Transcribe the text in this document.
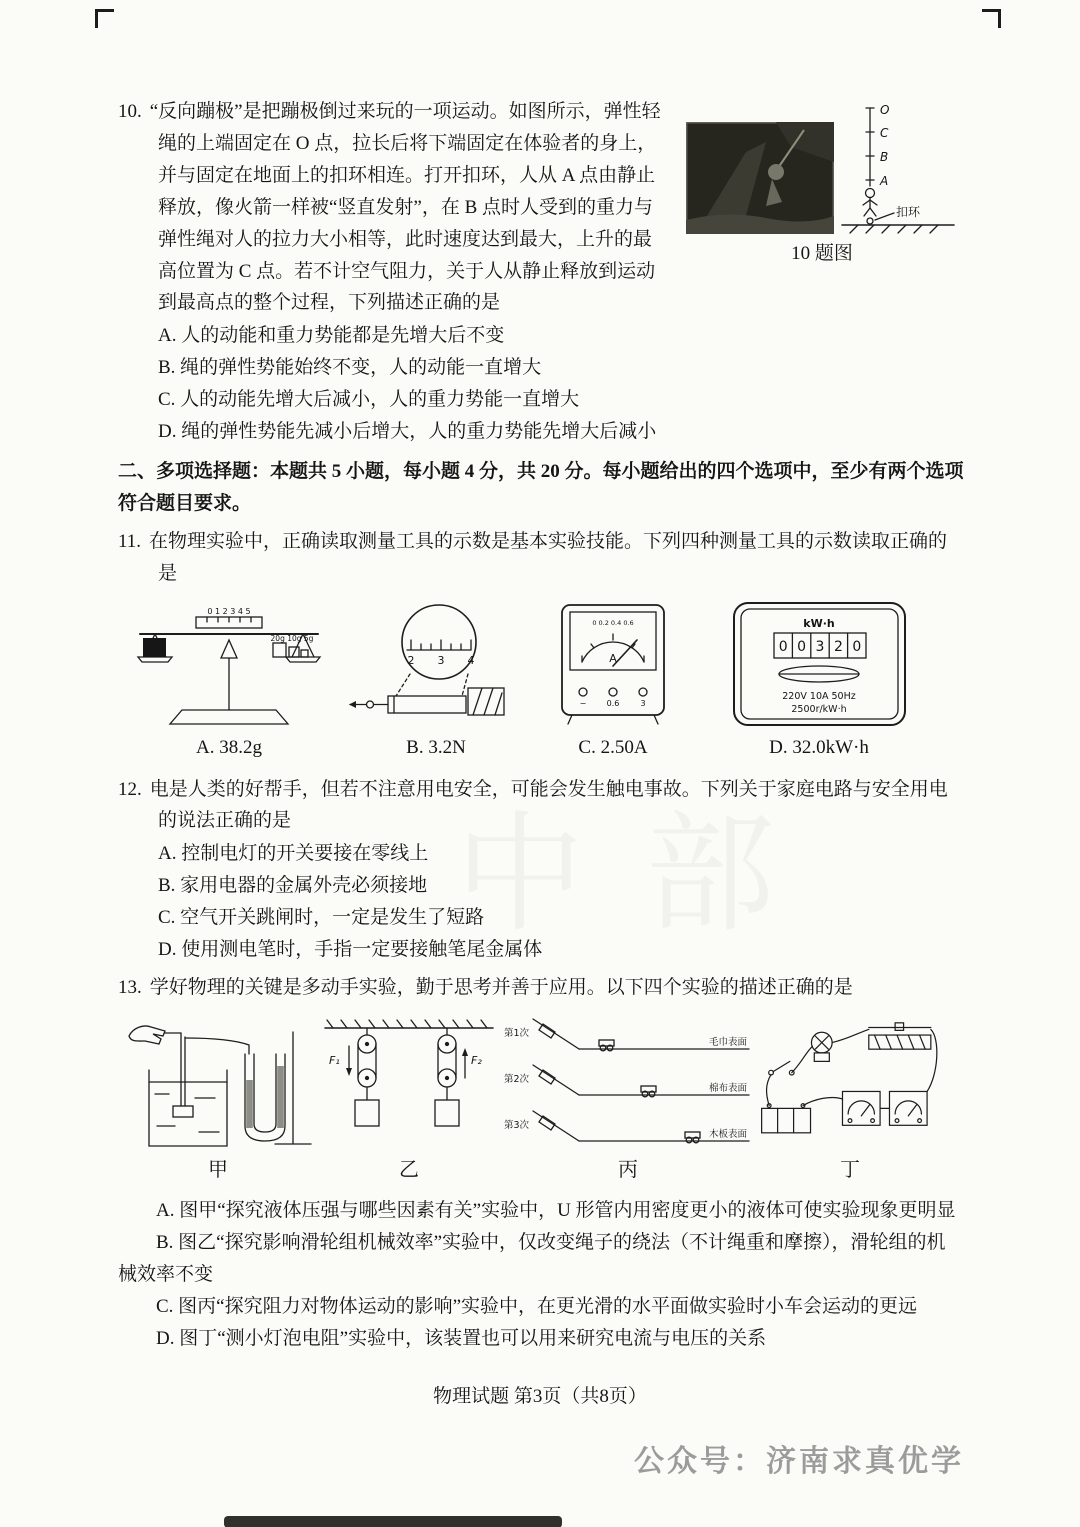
中部
O
C
B
A
扣环
10 题图

10. “反向蹦极”是把蹦极倒过来玩的一项运动。如图所示，弹性轻绳的上端固定在 O 点，拉长后将下端固定在体验者的身上，并与固定在地面上的扣环相连。打开扣环，人从 A 点由静止释放，像火箭一样被“竖直发射”，在 B 点时人受到的重力与弹性绳对人的拉力大小相等，此时速度达到最大，上升的最高位置为 C 点。若不计空气阻力，关于人从静止释放到运动到最高点的整个过程，下列描述正确的是

A. 人的动能和重力势能都是先增大后不变

B. 绳的弹性势能始终不变，人的动能一直增大

C. 人的动能先增大后减小，人的重力势能一直增大

D. 绳的弹性势能先减小后增大，人的重力势能先增大后减小

二、多项选择题：本题共 5 小题，每小题 4 分，共 20 分。每小题给出的四个选项中，至少有两个选项符合题目要求。

11. 在物理实验中，正确读取测量工具的示数是基本实验技能。下列四种测量工具的示数读取正确的是

0 1 2 3 4 5
20g 10g 5g
2 3 4	A
0 0.2 0.4 0.6
−	0.6	3
kW·h
0 0 3 2 0
220V 10A 50Hz
2500r/kW·h
A. 38.2g	B. 3.2N	C. 2.50A	D. 32.0kW·h

12. 电是人类的好帮手，但若不注意用电安全，可能会发生触电事故。下列关于家庭电路与安全用电的说法正确的是

A. 控制电灯的开关要接在零线上

B. 家用电器的金属外壳必须接地

C. 空气开关跳闸时，一定是发生了短路

D. 使用测电笔时，手指一定要接触笔尾金属体

13. 学好物理的关键是多动手实验，勤于思考并善于应用。以下四个实验的描述正确的是

F₁	F₂
第1次
第2次
第3次
毛巾表面
棉布表面
木板表面
甲	乙	丙	丁

A. 图甲“探究液体压强与哪些因素有关”实验中，U 形管内用密度更小的液体可使实验现象更明显

B. 图乙“探究影响滑轮组机械效率”实验中，仅改变绳子的绕法（不计绳重和摩擦），滑轮组的机械效率不变

C. 图丙“探究阻力对物体运动的影响”实验中，在更光滑的水平面做实验时小车会运动的更远

D. 图丁“测小灯泡电阻”实验中，该装置也可以用来研究电流与电压的关系

物理试题 第3页（共8页）
公众号：济南求真优学
